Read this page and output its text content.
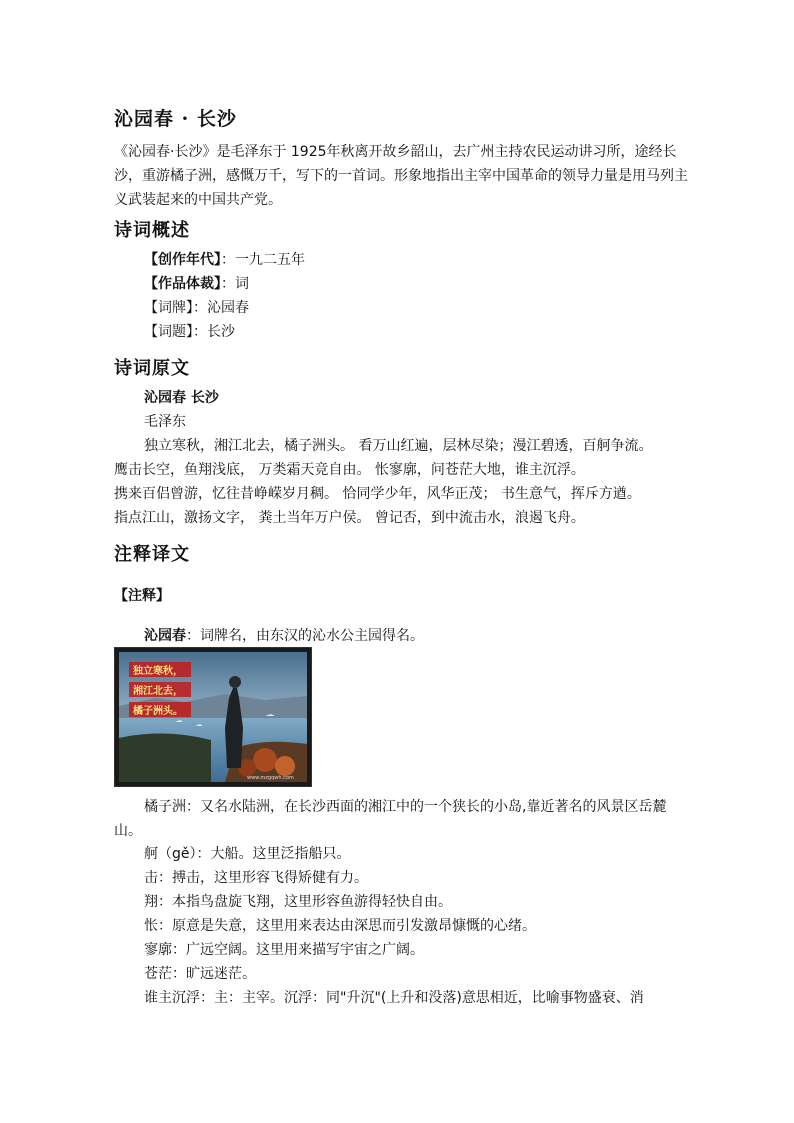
沁园春 · 长沙

《沁园春·长沙》是毛泽东于 1925年秋离开故乡韶山，去广州主持农民运动讲习所，途经长沙，重游橘子洲，感慨万千，写下的一首词。形象地指出主宰中国革命的领导力量是用马列主义武装起来的中国共产党。

诗词概述
【创作年代】：一九二五年
【作品体裁】：词
【词牌】：沁园春
【词题】：长沙
诗词原文
沁园春 长沙
毛泽东
独立寒秋，湘江北去，橘子洲头。 看万山红遍，层林尽染；漫江碧透，百舸争流。
鹰击长空，鱼翔浅底， 万类霜天竞自由。 怅寥廓，问苍茫大地，谁主沉浮。
携来百侣曾游，忆往昔峥嵘岁月稠。 恰同学少年，风华正茂； 书生意气，挥斥方遒。
指点江山，激扬文字， 粪土当年万户侯。 曾记否，到中流击水，浪遏飞舟。
注释译文
【注释】
沁园春：词牌名，由东汉的沁水公主园得名。
独立寒秋，
湘江北去，
橘子洲头。
www.mzgqwh.com
橘子洲：又名水陆洲，在长沙西面的湘江中的一个狭长的小岛,靠近著名的风景区岳麓山。
舸（gě）：大船。这里泛指船只。
击：搏击，这里形容飞得矫健有力。
翔：本指鸟盘旋飞翔，这里形容鱼游得轻快自由。
怅：原意是失意，这里用来表达由深思而引发激昂慷慨的心绪。
寥廓：广远空阔。这里用来描写宇宙之广阔。
苍茫：旷远迷茫。
谁主沉浮：主：主宰。沉浮：同"升沉"(上升和没落)意思相近，比喻事物盛衰、消
